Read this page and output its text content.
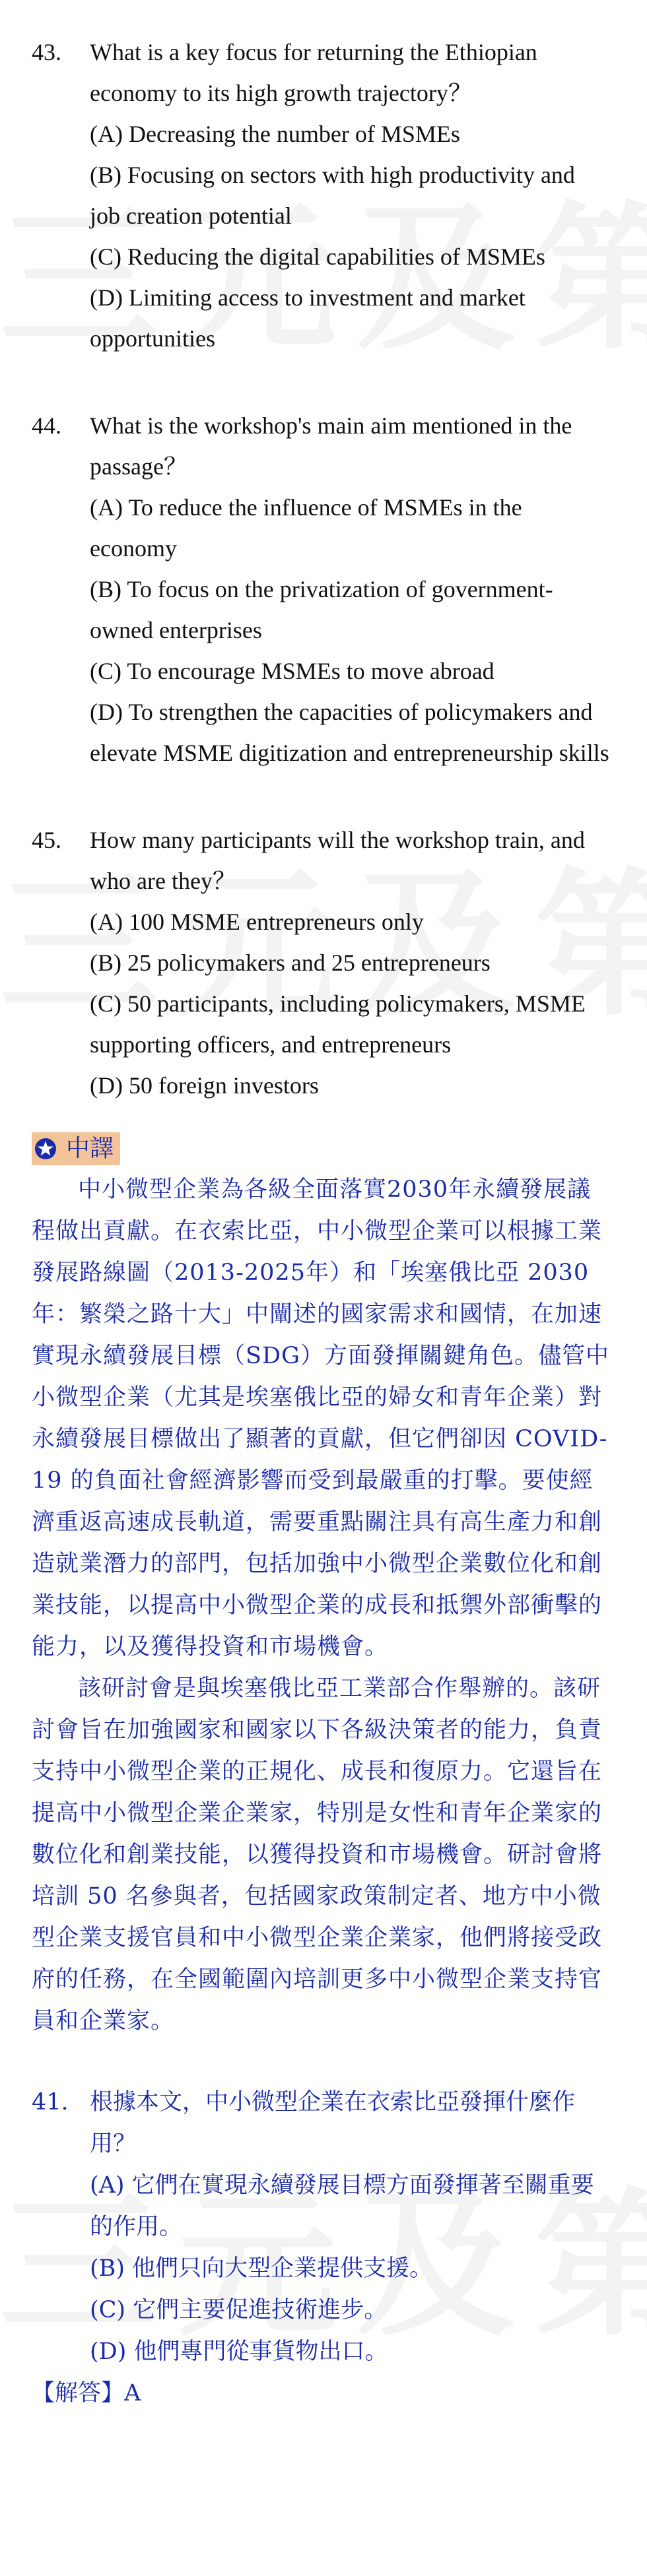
43.	What is a key focus for returning the Ethiopian economy to its high growth trajectory？
(A) Decreasing the number of MSMEs
(B) Focusing on sectors with high productivity and job creation potential
(C) Reducing the digital capabilities of MSMEs
(D) Limiting access to investment and market opportunities
44.	What is the workshop's main aim mentioned in the passage？
(A) To reduce the influence of MSMEs in the economy
(B) To focus on the privatization of government-owned enterprises
(C) To encourage MSMEs to move abroad
(D) To strengthen the capacities of policymakers and elevate MSME digitization and entrepreneurship skills
45.	How many participants will the workshop train, and who are they？
(A) 100 MSME entrepreneurs only
(B) 25 policymakers and 25 entrepreneurs
(C) 50 participants, including policymakers, MSME supporting officers, and entrepreneurs
(D) 50 foreign investors
中譯

中小微型企業為各級全面落實2030年永續發展議程做出貢獻。在衣索比亞，中小微型企業可以根據工業發展路線圖（2013-2025年）和「埃塞俄比亞 2030 年：繁榮之路十大」中闡述的國家需求和國情，在加速實現永續發展目標（SDG）方面發揮關鍵角色。儘管中小微型企業（尤其是埃塞俄比亞的婦女和青年企業）對永續發展目標做出了顯著的貢獻，但它們卻因 COVID-19 的負面社會經濟影響而受到最嚴重的打擊。要使經濟重返高速成長軌道，需要重點關注具有高生產力和創造就業潛力的部門，包括加強中小微型企業數位化和創業技能，以提高中小微型企業的成長和抵禦外部衝擊的能力，以及獲得投資和市場機會。

該研討會是與埃塞俄比亞工業部合作舉辦的。該研討會旨在加強國家和國家以下各級決策者的能力，負責支持中小微型企業的正規化、成長和復原力。它還旨在提高中小微型企業企業家，特別是女性和青年企業家的數位化和創業技能，以獲得投資和市場機會。研討會將培訓 50 名參與者，包括國家政策制定者、地方中小微型企業支援官員和中小微型企業企業家，他們將接受政府的任務，在全國範圍內培訓更多中小微型企業支持官員和企業家。

41. 根據本文，中小微型企業在衣索比亞發揮什麼作用？
(A) 它們在實現永續發展目標方面發揮著至關重要的作用。
(B) 他們只向大型企業提供支援。
(C) 它們主要促進技術進步。
(D) 他們專門從事貨物出口。
【解答】A
